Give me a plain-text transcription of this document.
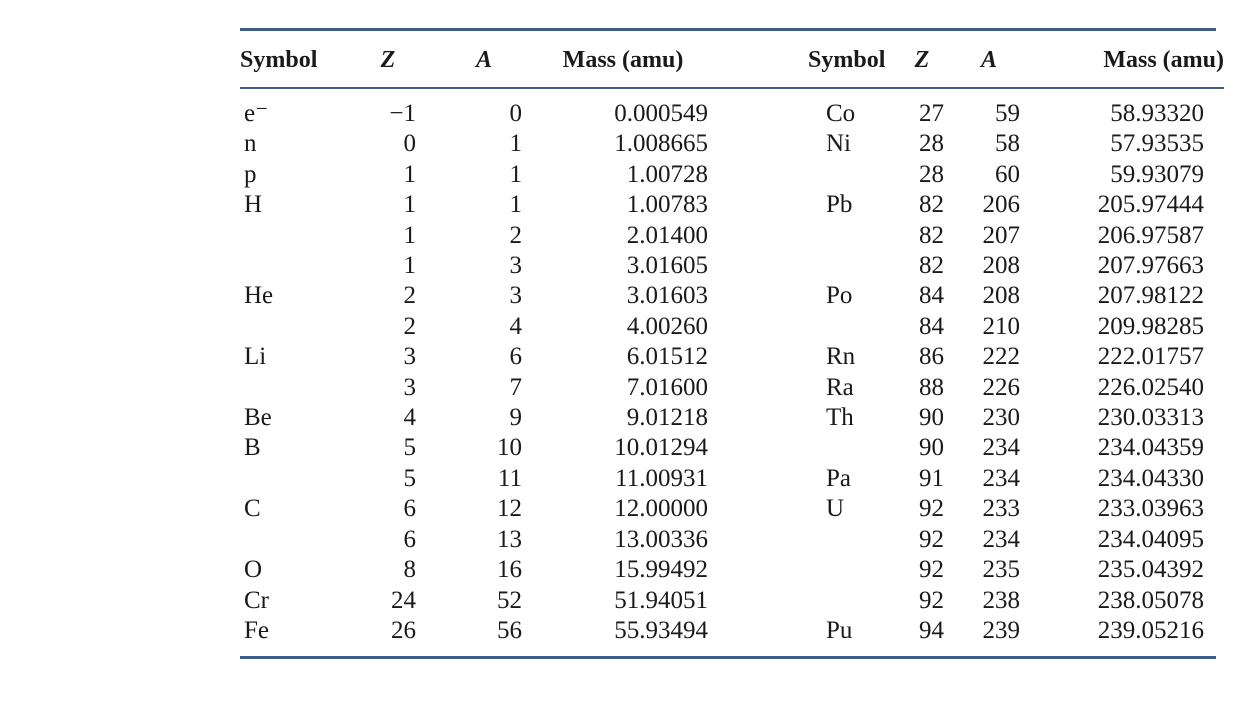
Symbol	Z	A	Mass (amu)		Symbol	Z	A	Mass (amu)

e⁻	−1	0	0.000549		Co	27	59	58.93320
n	0	1	1.008665		Ni	28	58	57.93535
p	1	1	1.00728			28	60	59.93079
H	1	1	1.00783		Pb	82	206	205.97444
	1	2	2.01400			82	207	206.97587
	1	3	3.01605			82	208	207.97663
He	2	3	3.01603		Po	84	208	207.98122
	2	4	4.00260			84	210	209.98285
Li	3	6	6.01512		Rn	86	222	222.01757
	3	7	7.01600		Ra	88	226	226.02540
Be	4	9	9.01218		Th	90	230	230.03313
B	5	10	10.01294			90	234	234.04359
	5	11	11.00931		Pa	91	234	234.04330
C	6	12	12.00000		U	92	233	233.03963
	6	13	13.00336			92	234	234.04095
O	8	16	15.99492			92	235	235.04392
Cr	24	52	51.94051			92	238	238.05078
Fe	26	56	55.93494		Pu	94	239	239.05216
